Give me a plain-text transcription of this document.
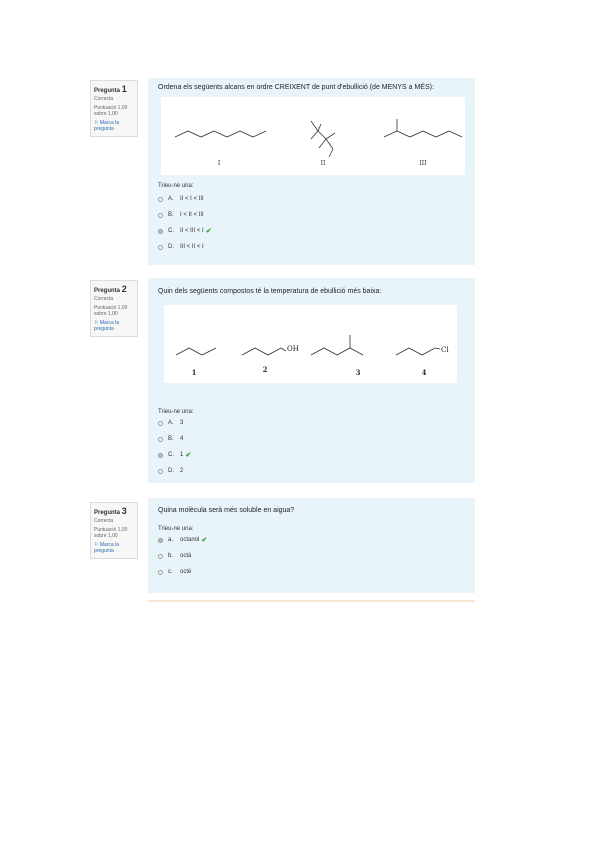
Pregunta 1
Correcta
Puntuació 1,00 sobre 1,00
⚐ Marca la pregunta
Ordena els següents alcans en ordre CREIXENT de punt d'ebullició (de MENYS a MÉS):
I	II	III
Trieu-ne una:
A.	II < I < III
B.	I < II < III
C.	II < III < I ✔
D.	III < II < I
Pregunta 2
Correcta
Puntuació 1,00 sobre 1,00
⚐ Marca la pregunta
Quin dels següents compostos té la temperatura de ebullició més baixa:
OH	Cl
1	2	3	4
Trieu-ne una:
A.	3
B.	4
C.	1 ✔
D.	2
Pregunta 3
Correcta
Puntuació 1,00 sobre 1,00
⚐ Marca la pregunta
Quina molècula serà més soluble en aigua?
Trieu-ne una:
a.	octanol ✔
b.	octà
c.	octè
